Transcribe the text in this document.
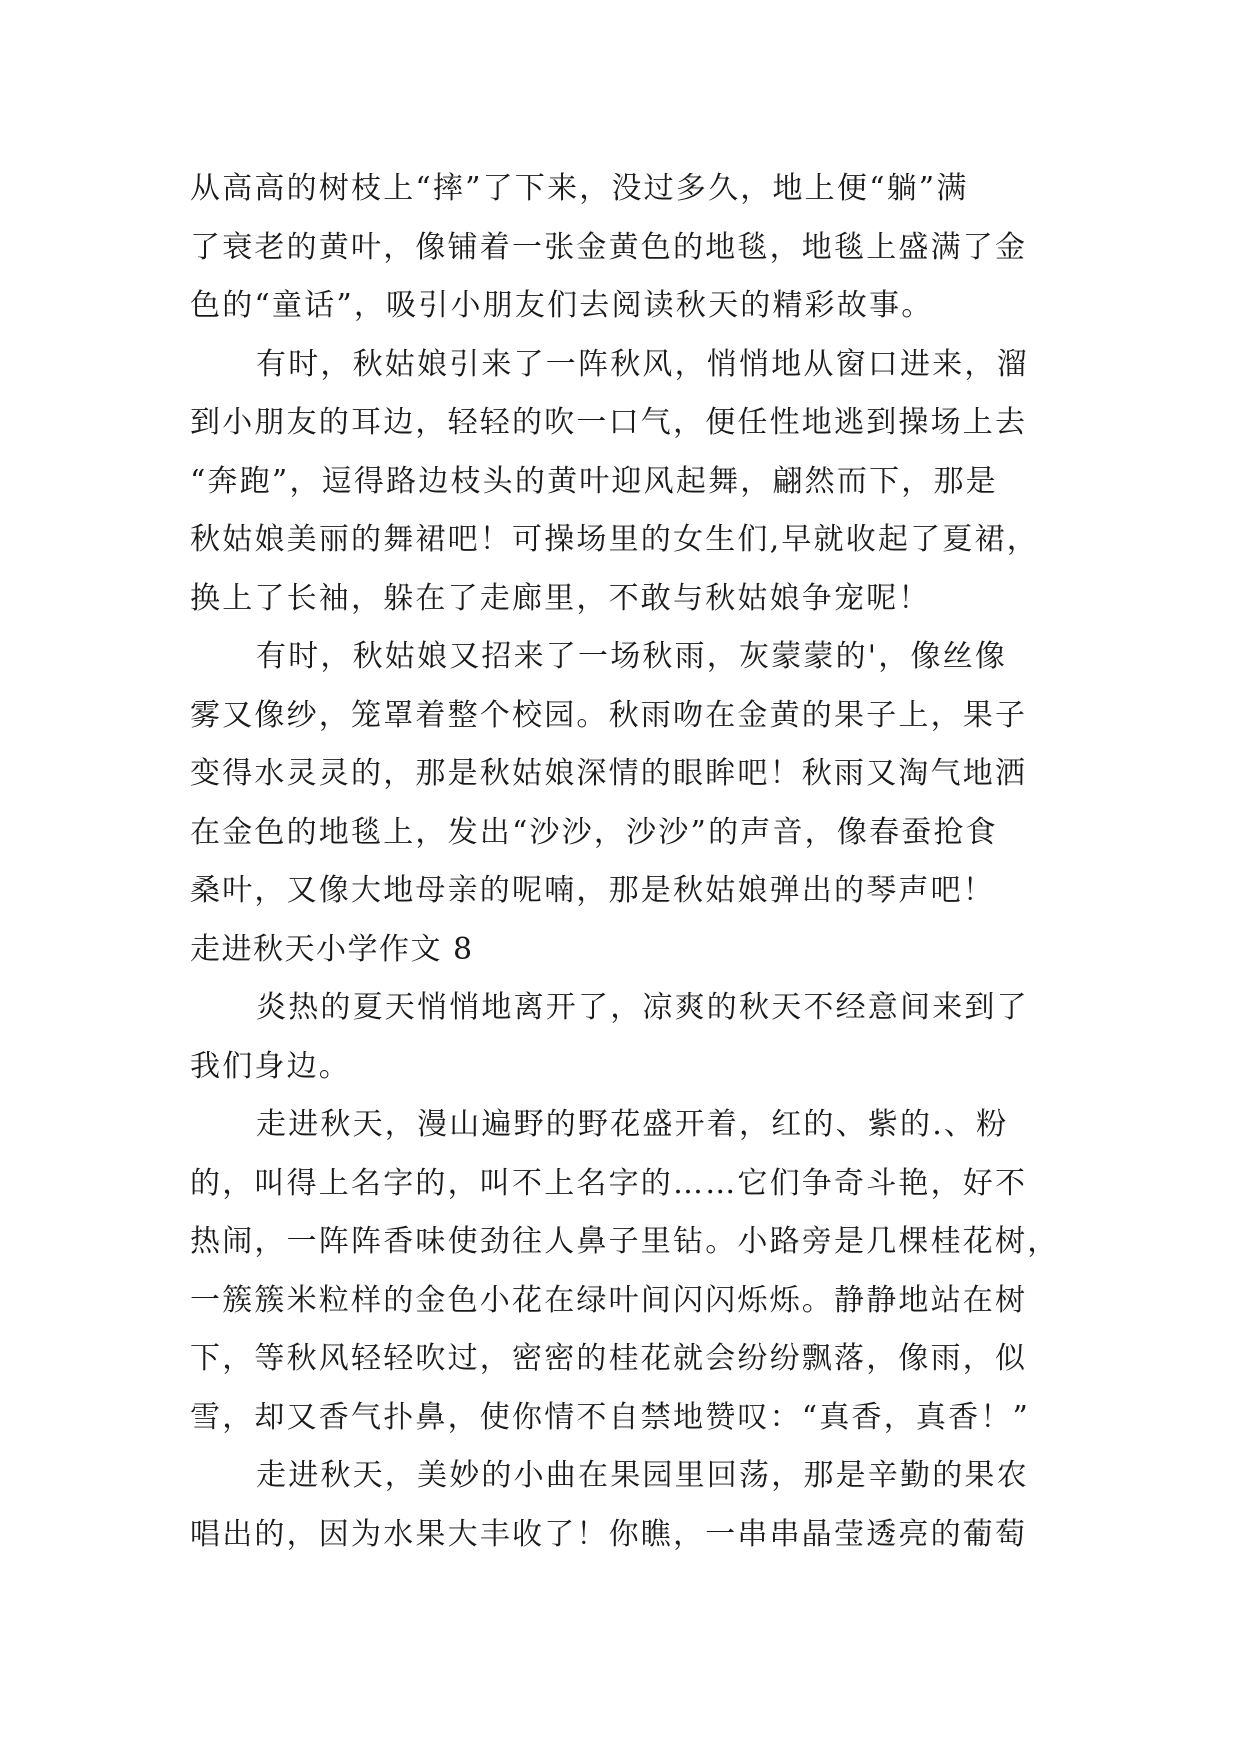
从高高的树枝上“摔”了下来，没过多久，地上便“躺”满
了衰老的黄叶，像铺着一张金黄色的地毯，地毯上盛满了金
色的“童话”，吸引小朋友们去阅读秋天的精彩故事。
有时，秋姑娘引来了一阵秋风，悄悄地从窗口进来，溜
到小朋友的耳边，轻轻的吹一口气，便任性地逃到操场上去
“奔跑”，逗得路边枝头的黄叶迎风起舞，翩然而下，那是
秋姑娘美丽的舞裙吧！可操场里的女生们,早就收起了夏裙，
换上了长袖，躲在了走廊里，不敢与秋姑娘争宠呢！
有时，秋姑娘又招来了一场秋雨，灰蒙蒙的'，像丝像
雾又像纱，笼罩着整个校园。秋雨吻在金黄的果子上，果子
变得水灵灵的，那是秋姑娘深情的眼眸吧！秋雨又淘气地洒
在金色的地毯上，发出“沙沙，沙沙”的声音，像春蚕抢食
桑叶，又像大地母亲的呢喃，那是秋姑娘弹出的琴声吧！
走进秋天小学作文 8
炎热的夏天悄悄地离开了，凉爽的秋天不经意间来到了
我们身边。
走进秋天，漫山遍野的野花盛开着，红的、紫的.、粉
的，叫得上名字的，叫不上名字的……它们争奇斗艳，好不
热闹，一阵阵香味使劲往人鼻子里钻。小路旁是几棵桂花树，
一簇簇米粒样的金色小花在绿叶间闪闪烁烁。静静地站在树
下，等秋风轻轻吹过，密密的桂花就会纷纷飘落，像雨，似
雪，却又香气扑鼻，使你情不自禁地赞叹：“真香，真香！”
走进秋天，美妙的小曲在果园里回荡，那是辛勤的果农
唱出的，因为水果大丰收了！你瞧，一串串晶莹透亮的葡萄
